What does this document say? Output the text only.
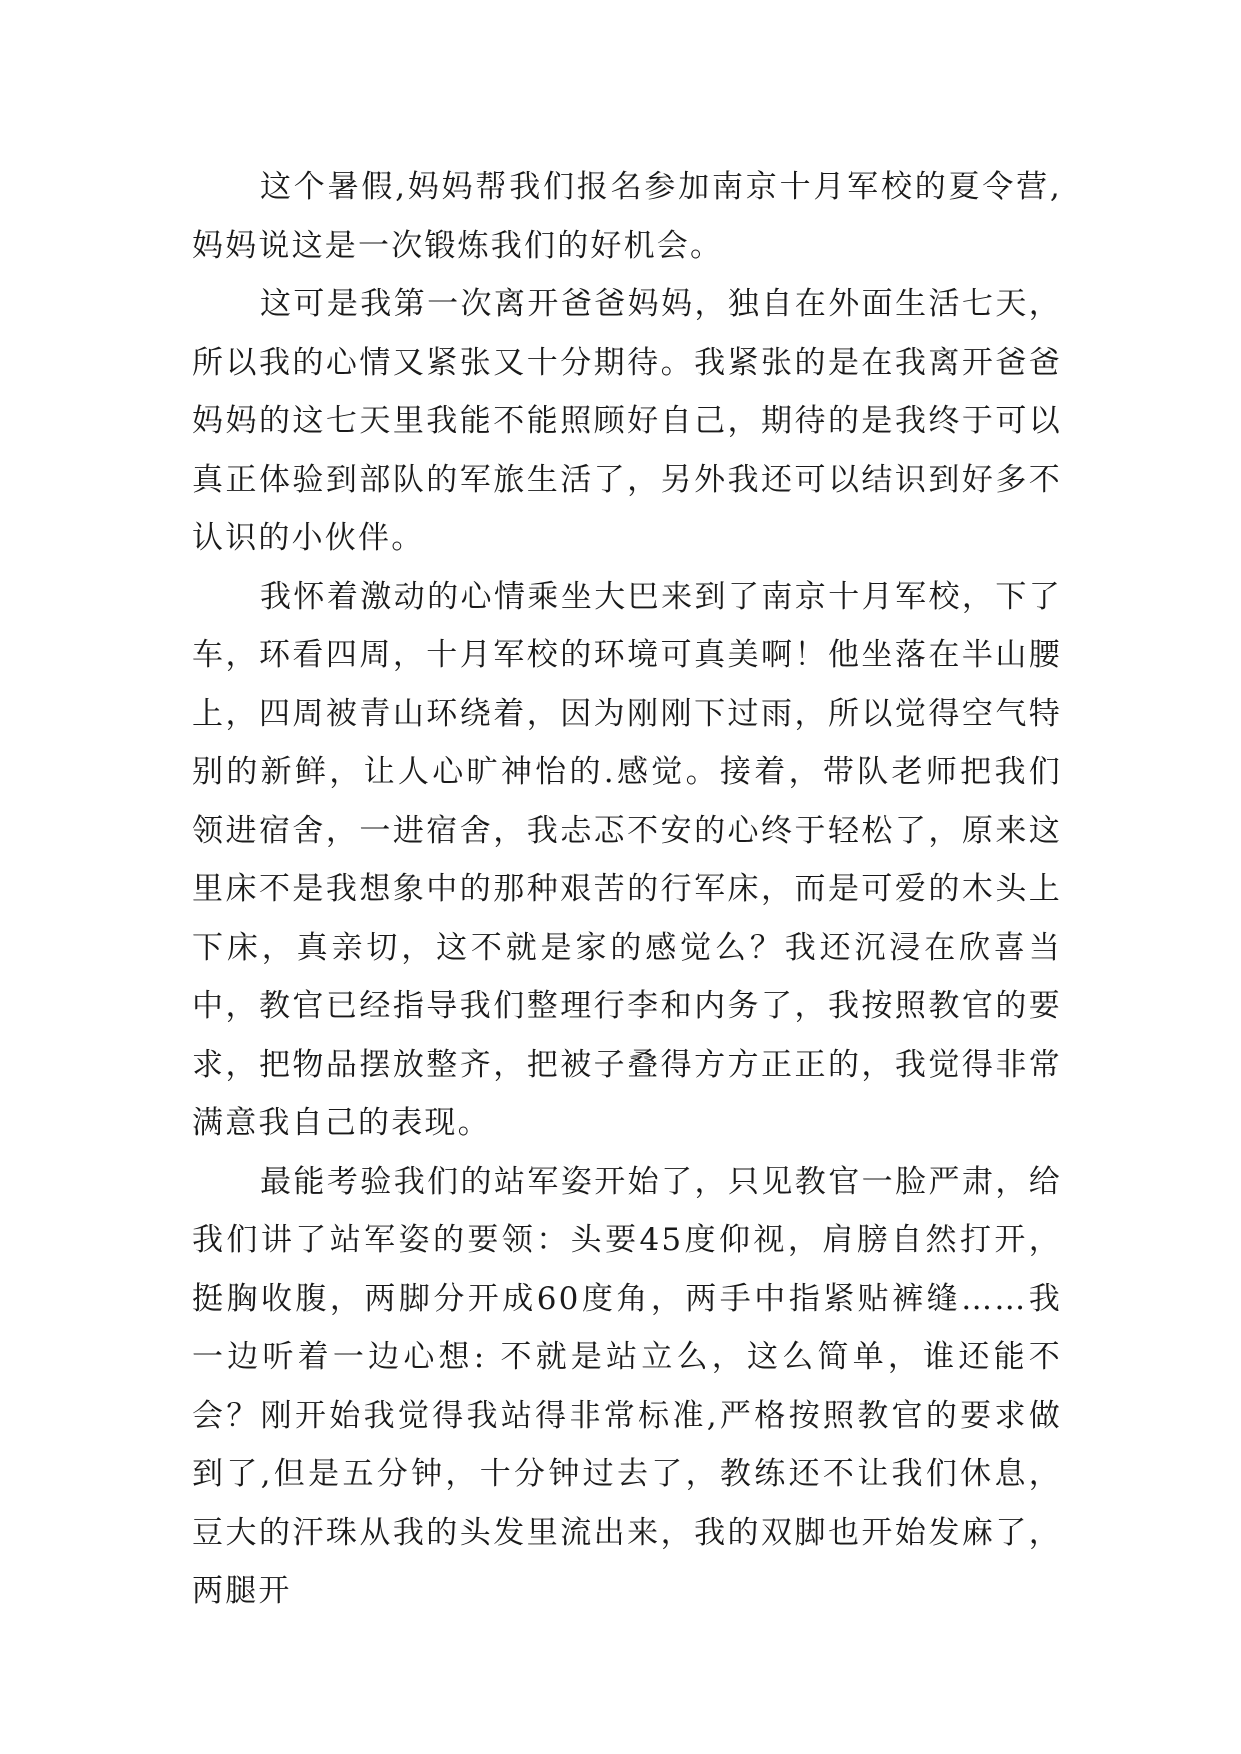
这个暑假,妈妈帮我们报名参加南京十月军校的夏令营,妈妈说这是一次锻炼我们的好机会。

这可是我第一次离开爸爸妈妈，独自在外面生活七天，所以我的心情又紧张又十分期待。我紧张的是在我离开爸爸妈妈的这七天里我能不能照顾好自己，期待的是我终于可以真正体验到部队的军旅生活了，另外我还可以结识到好多不认识的小伙伴。

我怀着激动的心情乘坐大巴来到了南京十月军校，下了车，环看四周，十月军校的环境可真美啊！他坐落在半山腰上，四周被青山环绕着，因为刚刚下过雨，所以觉得空气特别的新鲜，让人心旷神怡的.感觉。接着，带队老师把我们领进宿舍，一进宿舍，我忐忑不安的心终于轻松了，原来这里床不是我想象中的那种艰苦的行军床，而是可爱的木头上下床，真亲切，这不就是家的感觉么？我还沉浸在欣喜当中，教官已经指导我们整理行李和内务了，我按照教官的要求，把物品摆放整齐，把被子叠得方方正正的，我觉得非常满意我自己的表现。

最能考验我们的站军姿开始了，只见教官一脸严肃，给我们讲了站军姿的要领：头要45度仰视，肩膀自然打开，挺胸收腹，两脚分开成60度角，两手中指紧贴裤缝……我一边听着一边心想: 不就是站立么，这么简单，谁还能不会？刚开始我觉得我站得非常标准,严格按照教官的要求做到了,但是五分钟，十分钟过去了，教练还不让我们休息，豆大的汗珠从我的头发里流出来，我的双脚也开始发麻了，两腿开
